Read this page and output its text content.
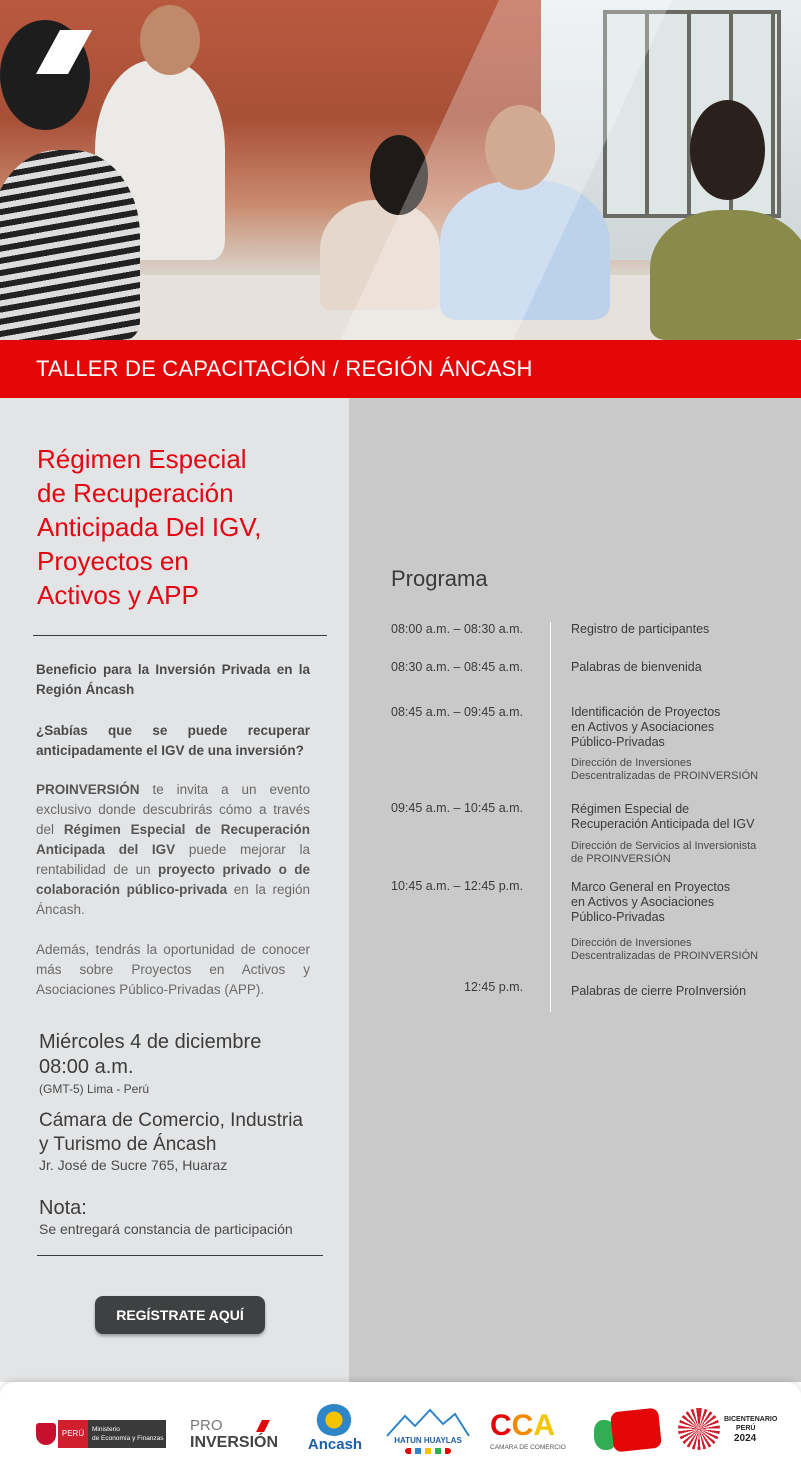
TALLER DE CAPACITACIÓN / REGIÓN ÁNCASH
Régimen Especial
de Recuperación
Anticipada Del IGV,
Proyectos en
Activos y APP
Beneficio para la Inversión Privada en la Región Áncash
¿Sabías que se puede recuperar anticipadamente el IGV de una inversión?
PROINVERSIÓN te invita a un evento exclusivo donde descubrirás cómo a través del Régimen Especial de Recuperación Anticipada del IGV puede mejorar la rentabilidad de un proyecto privado o de colaboración público-privada en la región Áncash.
Además, tendrás la oportunidad de conocer más sobre Proyectos en Activos y Asociaciones Público-Privadas (APP).
Miércoles 4 de diciembre
08:00 a.m.
(GMT-5) Lima - Perú
Cámara de Comercio, Industria
y Turismo de Áncash
Jr. José de Sucre 765, Huaraz
Nota:
Se entregará constancia de participación
REGÍSTRATE AQUÍ
Programa
08:00 a.m. – 08:30 a.m.	Registro de participantes
08:30 a.m. – 08:45 a.m.	Palabras de bienvenida
08:45 a.m. – 09:45 a.m.	Identificación de Proyectos en Activos y Asociaciones Público-Privadas
Dirección de Inversiones Descentralizadas de PROINVERSIÓN
09:45 a.m. – 10:45 a.m.	Régimen Especial de Recuperación Anticipada del IGV
Dirección de Servicios al Inversionista de PROINVERSIÓN
10:45 a.m. – 12:45 p.m.	Marco General en Proyectos en Activos y Asociaciones Público-Privadas
Dirección de Inversiones Descentralizadas de PROINVERSIÓN
12:45 p.m.	Palabras de cierre ProInversión
PERÚ	Ministerio
de Economía y Finanzas
PRO
INVERSIÓN	Ancash	HATUN HUAYLAS CCA
CAMARA DE COMERCIO
BICENTENARIO
PERÚ
2024
